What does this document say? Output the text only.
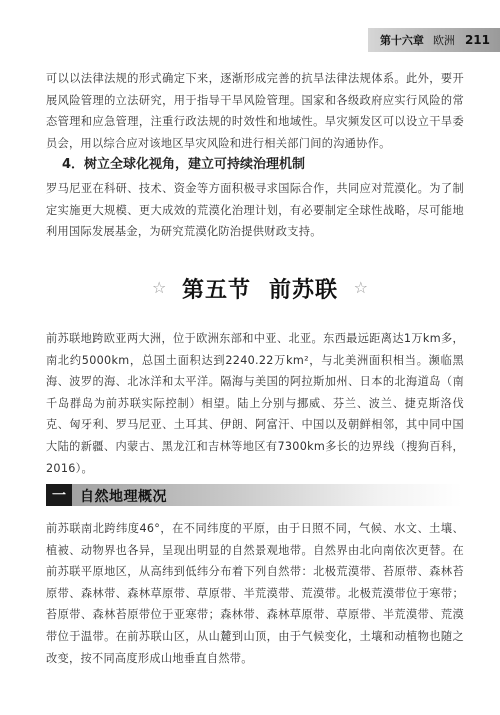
第十六章 欧洲 211

可以以法律法规的形式确定下来，逐渐形成完善的抗旱法律法规体系。此外，要开展风险管理的立法研究，用于指导干旱风险管理。国家和各级政府应实行风险的常态管理和应急管理，注重行政法规的时效性和地域性。旱灾频发区可以设立干旱委员会，用以综合应对该地区旱灾风险和进行相关部门间的沟通协作。

4．树立全球化视角，建立可持续治理机制

罗马尼亚在科研、技术、资金等方面积极寻求国际合作，共同应对荒漠化。为了制定实施更大规模、更大成效的荒漠化治理计划，有必要制定全球性战略，尽可能地利用国际发展基金，为研究荒漠化防治提供财政支持。

☆ 第五节 前苏联 ☆

前苏联地跨欧亚两大洲，位于欧洲东部和中亚、北亚。东西最远距离达1万km多，南北约5000km，总国土面积达到2240.22万km²，与北美洲面积相当。濒临黑海、波罗的海、北冰洋和太平洋。隔海与美国的阿拉斯加州、日本的北海道岛（南千岛群岛为前苏联实际控制）相望。陆上分别与挪威、芬兰、波兰、捷克斯洛伐克、匈牙利、罗马尼亚、土耳其、伊朗、阿富汗、中国以及朝鲜相邻，其中同中国大陆的新疆、内蒙古、黑龙江和吉林等地区有7300km多长的边界线（搜狗百科，2016）。

一	自然地理概况

前苏联南北跨纬度46°，在不同纬度的平原，由于日照不同，气候、水文、土壤、植被、动物界也各异，呈现出明显的自然景观地带。自然界由北向南依次更替。在前苏联平原地区，从高纬到低纬分布着下列自然带：北极荒漠带、苔原带、森林苔原带、森林带、森林草原带、草原带、半荒漠带、荒漠带。北极荒漠带位于寒带；苔原带、森林苔原带位于亚寒带；森林带、森林草原带、草原带、半荒漠带、荒漠带位于温带。在前苏联山区，从山麓到山顶，由于气候变化，土壤和动植物也随之改变，按不同高度形成山地垂直自然带。
